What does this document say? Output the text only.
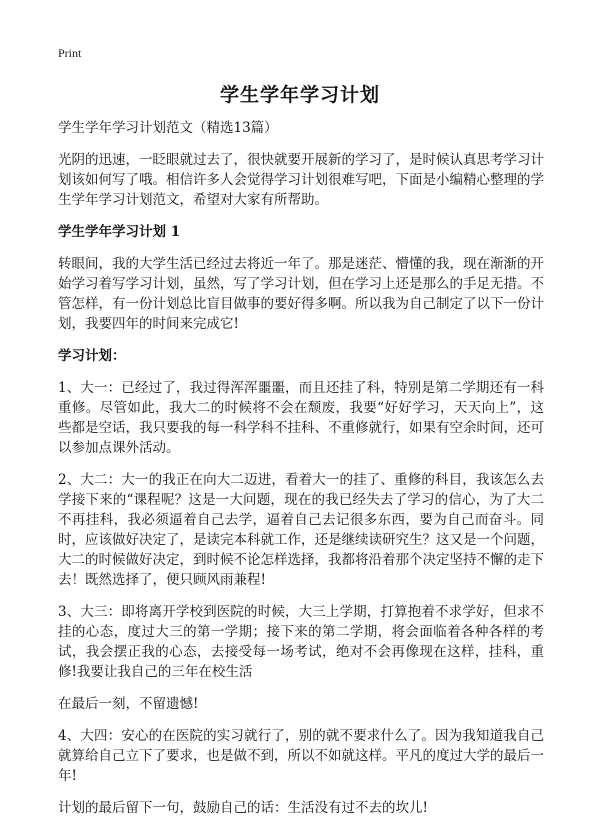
Print
学生学年学习计划
学生学年学习计划范文（精选13篇）

光阴的迅速，一眨眼就过去了，很快就要开展新的学习了，是时候认真思考学习计划该如何写了哦。相信许多人会觉得学习计划很难写吧，下面是小编精心整理的学生学年学习计划范文，希望对大家有所帮助。

学生学年学习计划 1

转眼间，我的大学生活已经过去将近一年了。那是迷茫、懵懂的我，现在渐渐的开始学习着写学习计划，虽然，写了学习计划，但在学习上还是那么的手足无措。不管怎样，有一份计划总比盲目做事的要好得多啊。所以我为自己制定了以下一份计划，我要四年的时间来完成它!

学习计划：

1、大一：已经过了，我过得浑浑噩噩，而且还挂了科，特别是第二学期还有一科重修。尽管如此，我大二的时候将不会在颓废，我要“好好学习，天天向上”，这些都是空话，我只要我的每一科学科不挂科、不重修就行，如果有空余时间，还可以参加点课外活动。

2、大二：大一的我正在向大二迈进，看着大一的挂了、重修的科目，我该怎么去学接下来的“课程呢？这是一大问题，现在的我已经失去了学习的信心，为了大二不再挂科，我必须逼着自己去学，逼着自己去记很多东西，要为自己而奋斗。同时，应该做好决定了，是读完本科就工作，还是继续读研究生？这又是一个问题，大二的时候做好决定，到时候不论怎样选择，我都将沿着那个决定坚持不懈的走下去！既然选择了，便只顾风雨兼程!

3、大三：即将离开学校到医院的时候，大三上学期，打算抱着不求学好，但求不挂的心态，度过大三的第一学期；接下来的第二学期，将会面临着各种各样的考试，我会摆正我的心态，去接受每一场考试，绝对不会再像现在这样，挂科，重修!我要让我自己的三年在校生活

在最后一刻，不留遗憾!

4、大四：安心的在医院的实习就行了，别的就不要求什么了。因为我知道我自己就算给自己立下了要求，也是做不到，所以不如就这样。平凡的度过大学的最后一年!

计划的最后留下一句，鼓励自己的话：生活没有过不去的坎儿!
